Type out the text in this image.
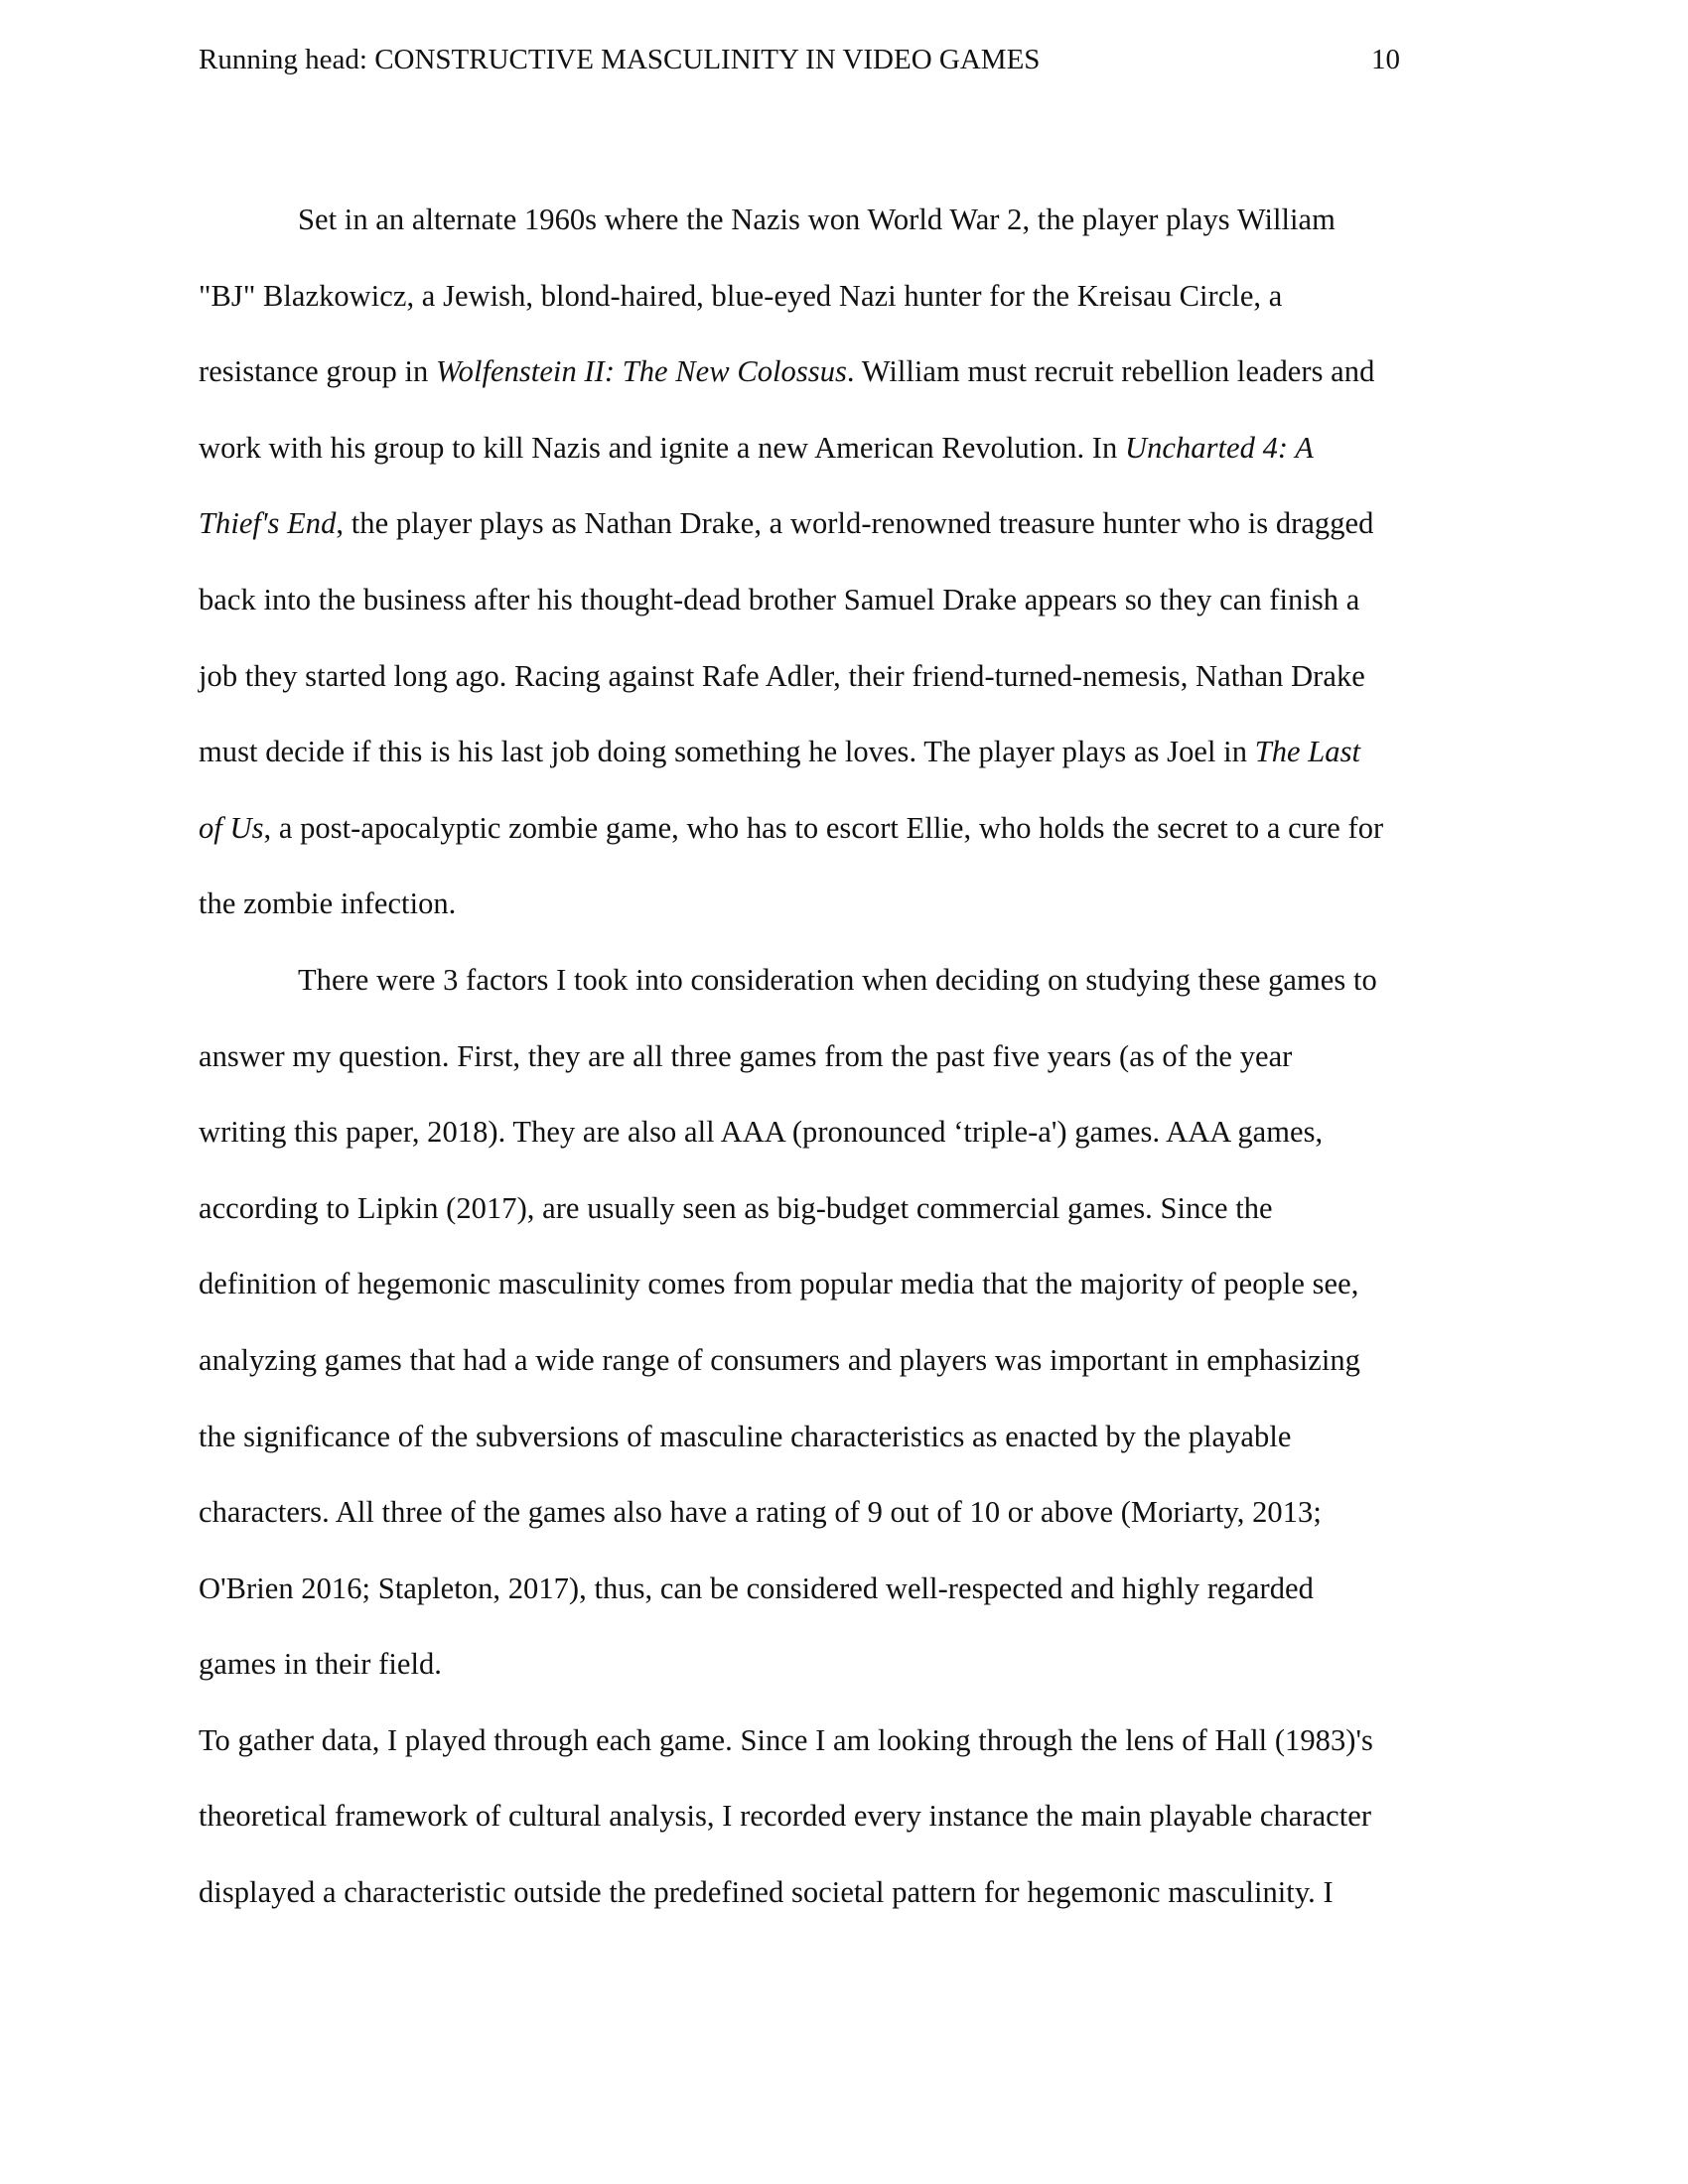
Running head: CONSTRUCTIVE MASCULINITY IN VIDEO GAMES	10
Set in an alternate 1960s where the Nazis won World War 2, the player plays William
"BJ" Blazkowicz, a Jewish, blond-haired, blue-eyed Nazi hunter for the Kreisau Circle, a
resistance group in Wolfenstein II: The New Colossus. William must recruit rebellion leaders and
work with his group to kill Nazis and ignite a new American Revolution. In Uncharted 4: A
Thief's End, the player plays as Nathan Drake, a world-renowned treasure hunter who is dragged
back into the business after his thought-dead brother Samuel Drake appears so they can finish a
job they started long ago. Racing against Rafe Adler, their friend-turned-nemesis, Nathan Drake
must decide if this is his last job doing something he loves. The player plays as Joel in The Last
of Us, a post-apocalyptic zombie game, who has to escort Ellie, who holds the secret to a cure for
the zombie infection.
There were 3 factors I took into consideration when deciding on studying these games to
answer my question. First, they are all three games from the past five years (as of the year
writing this paper, 2018). They are also all AAA (pronounced ‘triple-a') games. AAA games,
according to Lipkin (2017), are usually seen as big-budget commercial games. Since the
definition of hegemonic masculinity comes from popular media that the majority of people see,
analyzing games that had a wide range of consumers and players was important in emphasizing
the significance of the subversions of masculine characteristics as enacted by the playable
characters. All three of the games also have a rating of 9 out of 10 or above (Moriarty, 2013;
O'Brien 2016; Stapleton, 2017), thus, can be considered well-respected and highly regarded
games in their field.
To gather data, I played through each game. Since I am looking through the lens of Hall (1983)'s
theoretical framework of cultural analysis, I recorded every instance the main playable character
displayed a characteristic outside the predefined societal pattern for hegemonic masculinity. I
